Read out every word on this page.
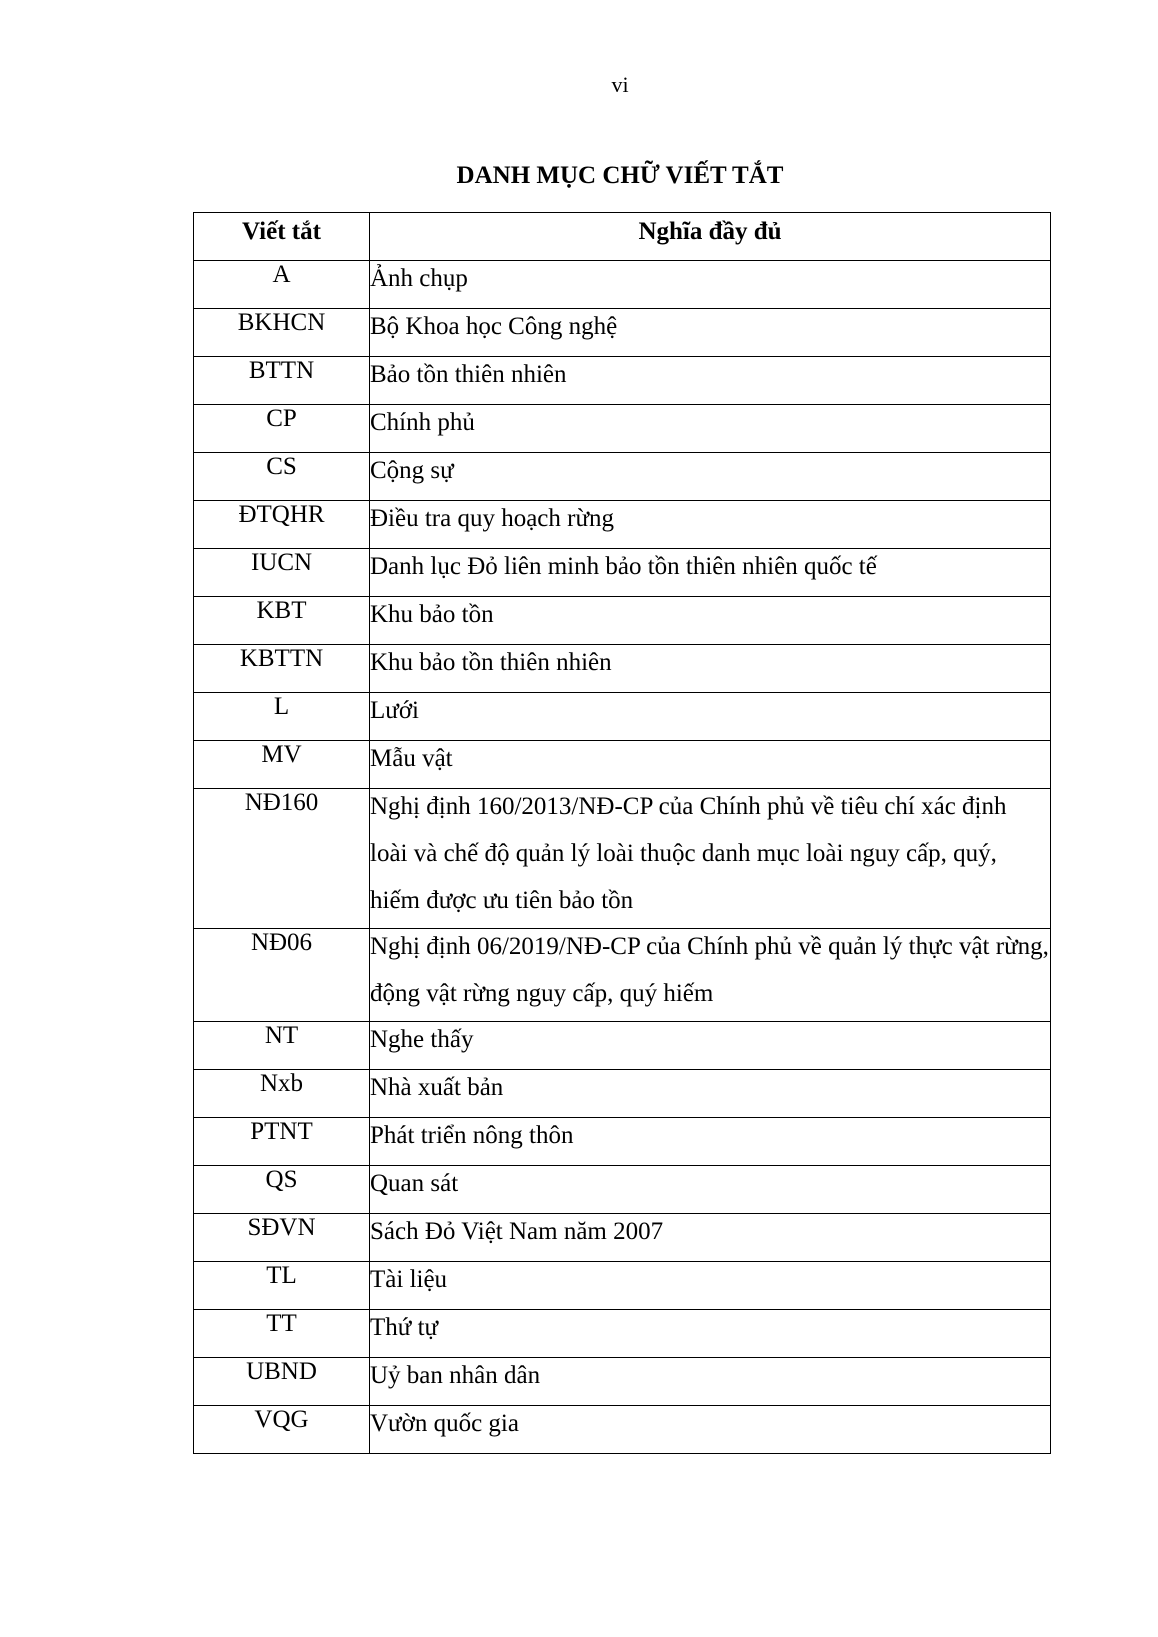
vi
DANH MỤC CHỮ VIẾT TẮT
Viết tắt	Nghĩa đầy đủ
A	Ảnh chụp

BKHCN	Bộ Khoa học Công nghệ

BTTN	Bảo tồn thiên nhiên

CP	Chính phủ

CS	Cộng sự

ĐTQHR	Điều tra quy hoạch rừng

IUCN	Danh lục Đỏ liên minh bảo tồn thiên nhiên quốc tế

KBT	Khu bảo tồn

KBTTN	Khu bảo tồn thiên nhiên

L	Lưới

MV	Mẫu vật

NĐ160	Nghị định 160/2013/NĐ-CP của Chính phủ về tiêu chí xác định loài và chế độ quản lý loài thuộc danh mục loài nguy cấp, quý, hiếm được ưu tiên bảo tồn

NĐ06	Nghị định 06/2019/NĐ-CP của Chính phủ về quản lý thực vật rừng, động vật rừng nguy cấp, quý hiếm

NT	Nghe thấy

Nxb	Nhà xuất bản

PTNT	Phát triển nông thôn

QS	Quan sát

SĐVN	Sách Đỏ Việt Nam năm 2007

TL	Tài liệu

TT	Thứ tự

UBND	Uỷ ban nhân dân

VQG	Vườn quốc gia
